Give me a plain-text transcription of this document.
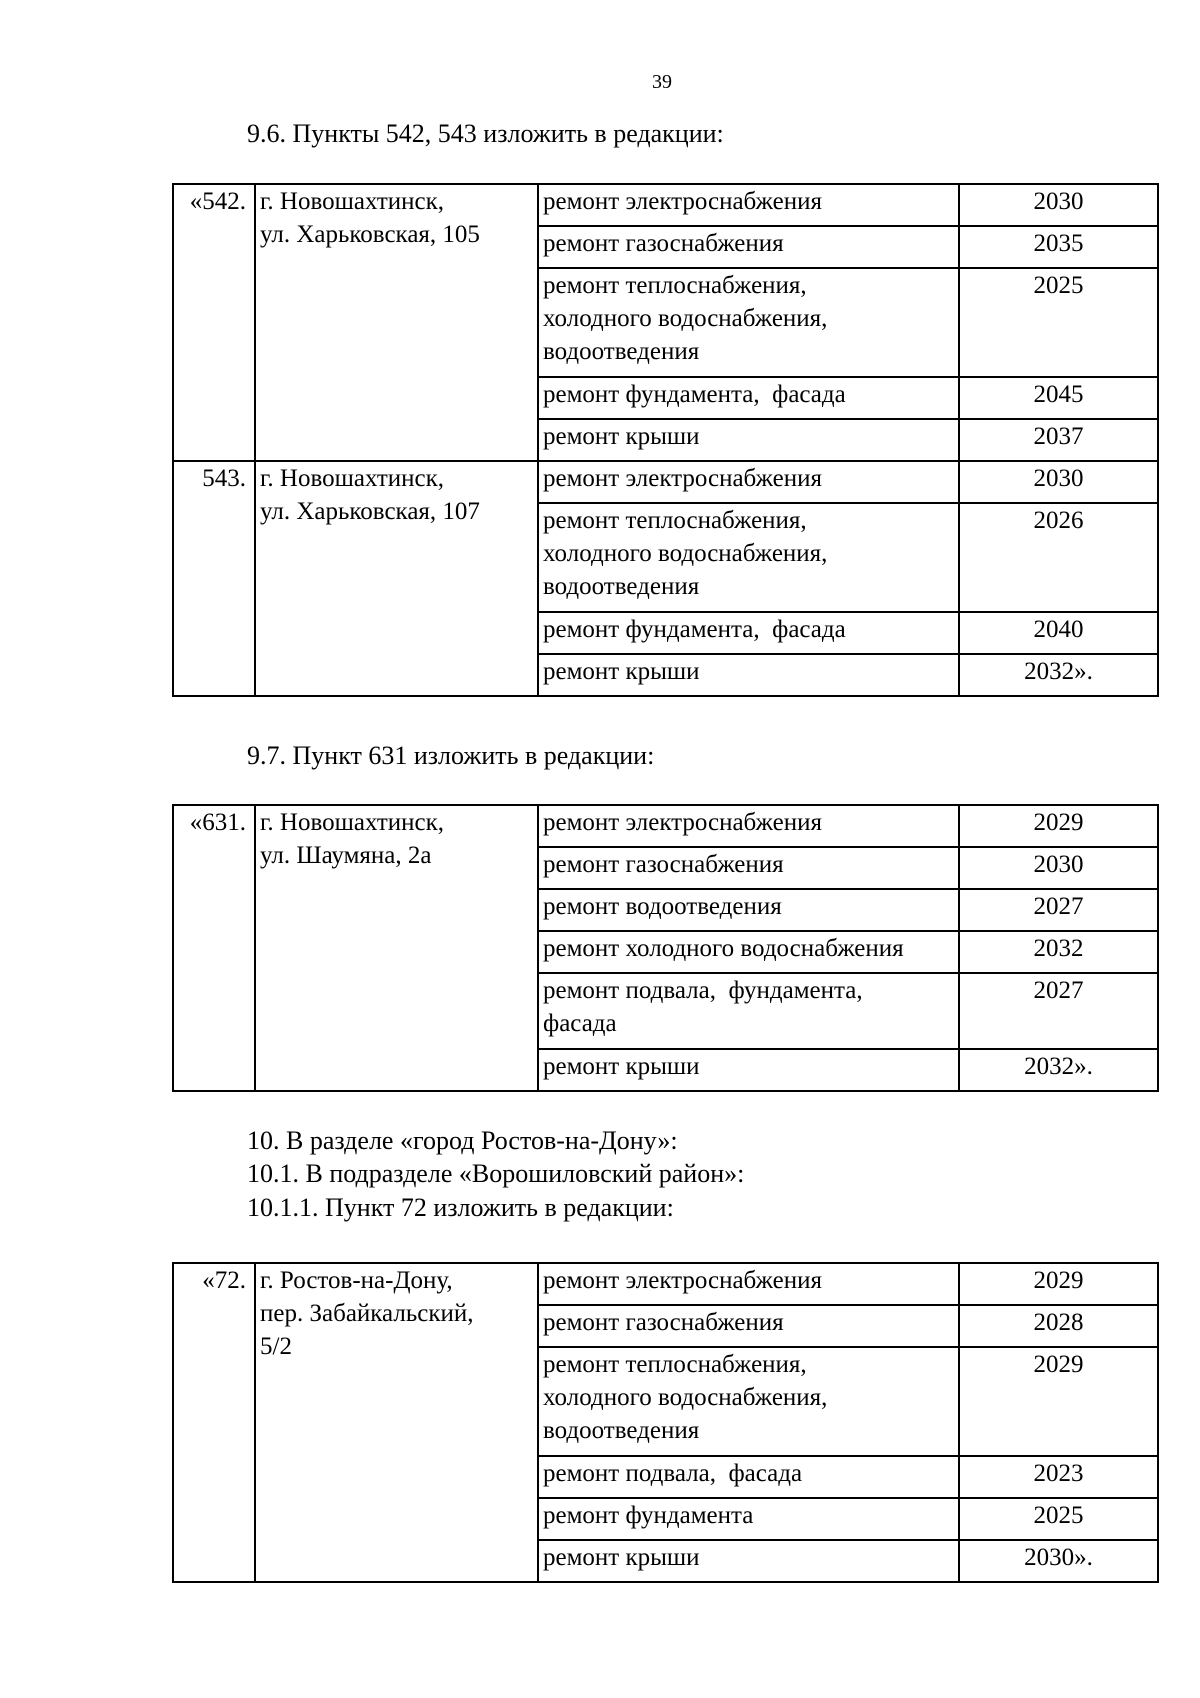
39

9.6. Пункты 542, 543 изложить в редакции:

«542.	г. Новошахтинск,
ул. Харьковская, 105	ремонт электроснабжения	2030

		ремонт газоснабжения	2035

		ремонт теплоснабжения,
холодного водоснабжения,
водоотведения	2025

		ремонт фундамента,  фасада	2045

		ремонт крыши	2037
543.	г. Новошахтинск,
ул. Харьковская, 107	ремонт электроснабжения	2030

		ремонт теплоснабжения,
холодного водоснабжения,
водоотведения	2026

		ремонт фундамента,  фасада	2040

		ремонт крыши	2032».

9.7. Пункт 631 изложить в редакции:

«631.	г. Новошахтинск,
ул. Шаумяна, 2а	ремонт электроснабжения	2029

		ремонт газоснабжения	2030

		ремонт водоотведения	2027

		ремонт холодного водоснабжения	2032

		ремонт подвала,  фундамента,
фасада	2027

		ремонт крыши	2032».

10. В разделе «город Ростов-на-Дону»:

10.1. В подразделе «Ворошиловский район»:

10.1.1. Пункт 72 изложить в редакции:

«72.	г. Ростов-на-Дону,
пер. Забайкальский,
5/2	ремонт электроснабжения	2029

		ремонт газоснабжения	2028

		ремонт теплоснабжения,
холодного водоснабжения,
водоотведения	2029

		ремонт подвала,  фасада	2023

		ремонт фундамента	2025

		ремонт крыши	2030».
